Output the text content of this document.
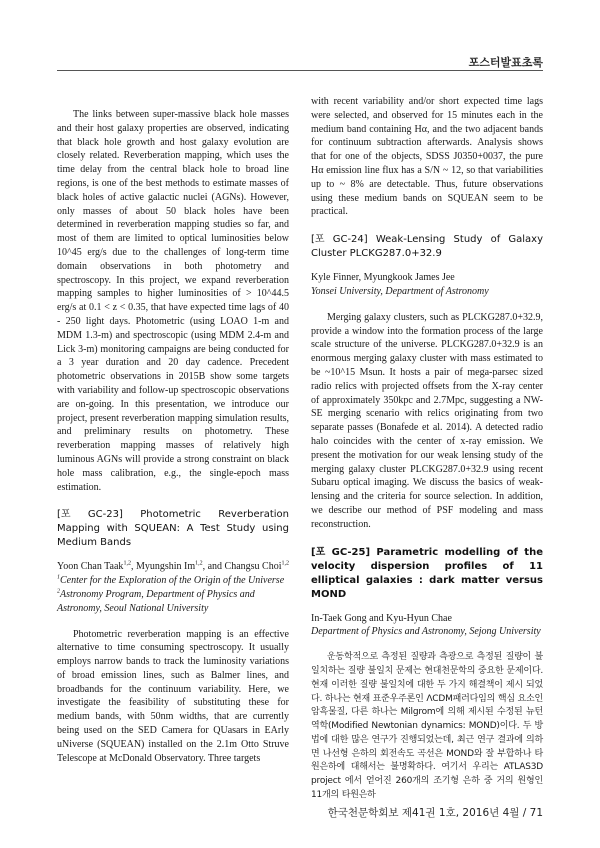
포스터발표초록

The links between super-massive black hole masses and their host galaxy properties are observed, indicating that black hole growth and host galaxy evolution are closely related. Reverberation mapping, which uses the time delay from the central black hole to broad line regions, is one of the best methods to estimate masses of black holes of active galactic nuclei (AGNs). However, only masses of about 50 black holes have been determined in reverberation mapping studies so far, and most of them are limited to optical luminosities below 10^45 erg/s due to the challenges of long-term time domain observations in both photometry and spectroscopy. In this project, we expand reverberation mapping samples to higher luminosities of > 10^44.5 erg/s at 0.1 < z < 0.35, that have expected time lags of 40 - 250 light days. Photometric (using LOAO 1-m and MDM 1.3-m) and spectroscopic (using MDM 2.4-m and Lick 3-m) monitoring campaigns are being conducted for a 3 year duration and 20 day cadence. Precedent photometric observations in 2015B show some targets with variability and follow-up spectroscopic observations are on-going. In this presentation, we introduce our project, present reverberation mapping simulation results, and preliminary results on photometry. These reverberation mapping masses of relatively high luminous AGNs will provide a strong constraint on black hole mass calibration, e.g., the single-epoch mass estimation.

[포 GC-23] Photometric Reverberation Mapping with SQUEAN: A Test Study using Medium Bands

Yoon Chan Taak$^{1,2}$, Myungshin Im$^{1,2}$, and Changsu Choi$^{1,2}$
$^1$Center for the Exploration of the Origin of the Universe
$^2$Astronomy Program, Department of Physics and Astronomy, Seoul National University

Photometric reverberation mapping is an effective alternative to time consuming spectroscopy. It usually employs narrow bands to track the luminosity variations of broad emission lines, such as Balmer lines, and broadbands for the continuum variability. Here, we investigate the feasibility of substituting these for medium bands, with 50nm widths, that are currently being used on the SED Camera for QUasars in EArly uNiverse (SQUEAN) installed on the 2.1m Otto Struve Telescope at McDonald Observatory. Three targets

with recent variability and/or short expected time lags were selected, and observed for 15 minutes each in the medium band containing Hα, and the two adjacent bands for continuum subtraction afterwards. Analysis shows that for one of the objects, SDSS J0350+0037, the pure Hα emission line flux has a S/N ~ 12, so that variabilities up to ~ 8% are detectable. Thus, future observations using these medium bands on SQUEAN seem to be practical.

[포 GC-24] Weak-Lensing Study of Galaxy Cluster PLCKG287.0+32.9

Kyle Finner, Myungkook James Jee
Yonsei University, Department of Astronomy

Merging galaxy clusters, such as PLCKG287.0+32.9, provide a window into the formation process of the large scale structure of the universe. PLCKG287.0+32.9 is an enormous merging galaxy cluster with mass estimated to be ~10^15 Msun. It hosts a pair of mega-parsec sized radio relics with projected offsets from the X-ray center of approximately 350kpc and 2.7Mpc, suggesting a NW-SE merging scenario with relics originating from two separate passes (Bonafede et al. 2014). A detected radio halo coincides with the center of x-ray emission. We present the motivation for our weak lensing study of the merging galaxy cluster PLCKG287.0+32.9 using recent Subaru optical imaging. We discuss the basics of weak-lensing and the criteria for source selection. In addition, we describe our method of PSF modeling and mass reconstruction.

[포 GC-25] Parametric modelling of the velocity dispersion profiles of 11 elliptical galaxies : dark matter versus MOND

In-Taek Gong and Kyu-Hyun Chae
Department of Physics and Astronomy, Sejong University

운동학적으로 측정된 질량과 측광으로 측정된 질량이 불일치하는 질량 불일치 문제는 현대천문학의 중요한 문제이다. 현재 이러한 질량 불일치에 대한 두 가지 해결책이 제시 되었다. 하나는 현재 표준우주론인 ΛCDM패러다임의 핵심 요소인 암흑물질, 다른 하나는 Milgrom에 의해 제시된 수정된 뉴턴역학(Modified Newtonian dynamics: MOND)이다. 두 방법에 대한 많은 연구가 진행되었는데, 최근 연구 결과에 의하면 나선형 은하의 회전속도 곡선은 MOND와 잘 부합하나 타원은하에 대해서는 불명확하다. 여기서 우리는 ATLAS3D project 에서 얻어진 260개의 조기형 은하 중 거의 원형인 11개의 타원은하

한국천문학회보 제41권 1호, 2016년 4월 / 71
